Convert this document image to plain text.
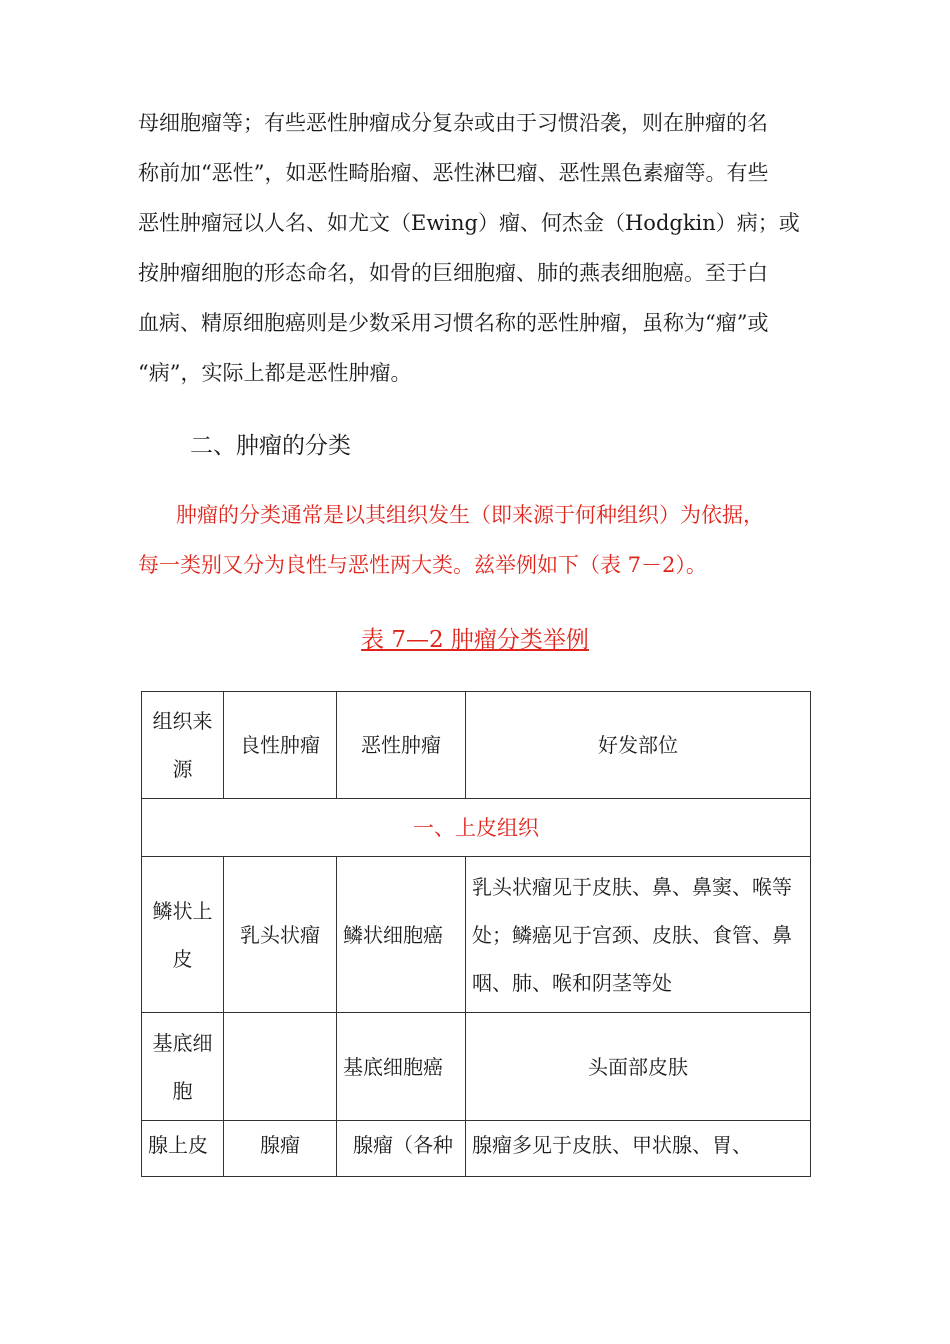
母细胞瘤等；有些恶性肿瘤成分复杂或由于习惯沿袭，则在肿瘤的名

称前加“恶性”，如恶性畸胎瘤、恶性淋巴瘤、恶性黑色素瘤等。有些

恶性肿瘤冠以人名、如尤文（Ewing）瘤、何杰金（Hodgkin）病；或

按肿瘤细胞的形态命名，如骨的巨细胞瘤、肺的燕表细胞癌。至于白

血病、精原细胞癌则是少数采用习惯名称的恶性肿瘤，虽称为“瘤”或

“病”，实际上都是恶性肿瘤。

二、肿瘤的分类

肿瘤的分类通常是以其组织发生（即来源于何种组织）为依据，

每一类别又分为良性与恶性两大类。兹举例如下（表 7－2）。

表 7—2 肿瘤分类举例
组织来源	良性肿瘤	恶性肿瘤	好发部位
一、上皮组织			
鳞状上皮	乳头状瘤	鳞状细胞癌	乳头状瘤见于皮肤、鼻、鼻窦、喉等处；鳞癌见于宫颈、皮肤、食管、鼻咽、肺、喉和阴茎等处
基底细胞		基底细胞癌	头面部皮肤

腺上皮	腺瘤	腺瘤（各种	腺瘤多见于皮肤、甲状腺、胃、
